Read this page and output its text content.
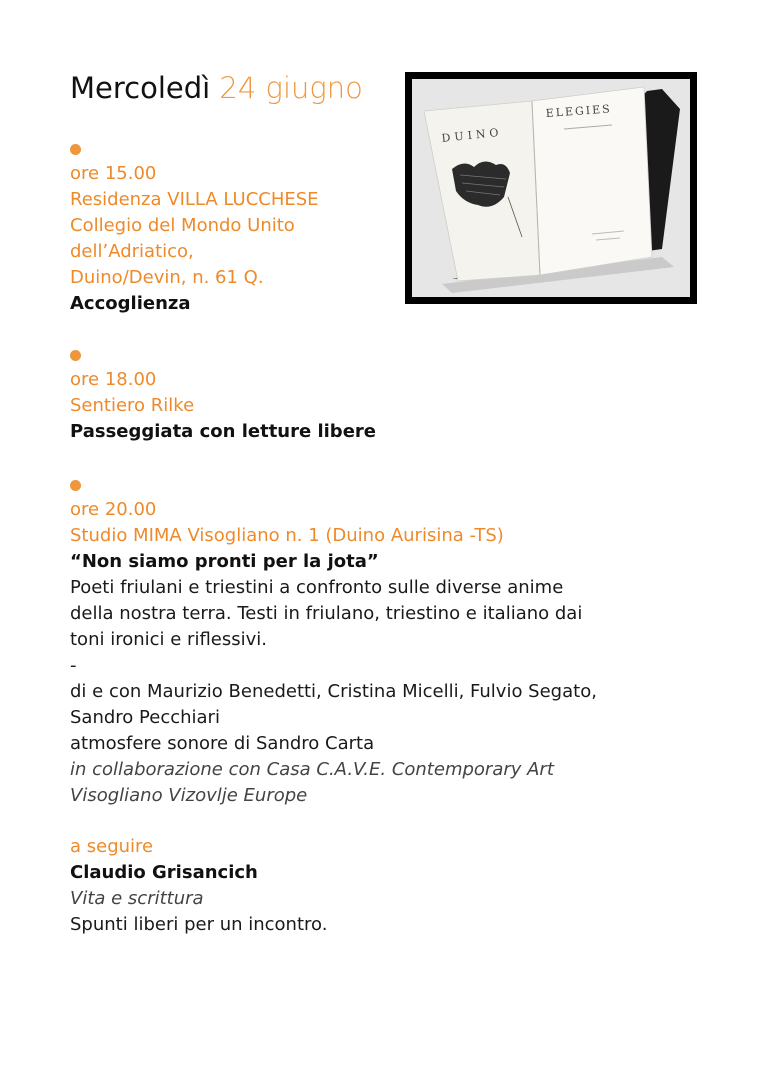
Mercoledì 24 giugno
DUINO
ELEGIES
ore 15.00
Residenza VILLA LUCCHESE
Collegio del Mondo Unito
dell’Adriatico,
Duino/Devin, n. 61 Q.
Accoglienza
ore 18.00
Sentiero Rilke
Passeggiata con letture libere
ore 20.00
Studio MIMA Visogliano n. 1 (Duino Aurisina -TS)
“Non siamo pronti per la jota”
Poeti friulani e triestini a confronto sulle diverse anime
della nostra terra. Testi in friulano, triestino e italiano dai
toni ironici e riflessivi.
-
di e con Maurizio Benedetti, Cristina Micelli, Fulvio Segato,
Sandro Pecchiari
atmosfere sonore di Sandro Carta
in collaborazione con Casa C.A.V.E. Contemporary Art
Visogliano Vizovlje Europe
a seguire
Claudio Grisancich
Vita e scrittura
Spunti liberi per un incontro.
